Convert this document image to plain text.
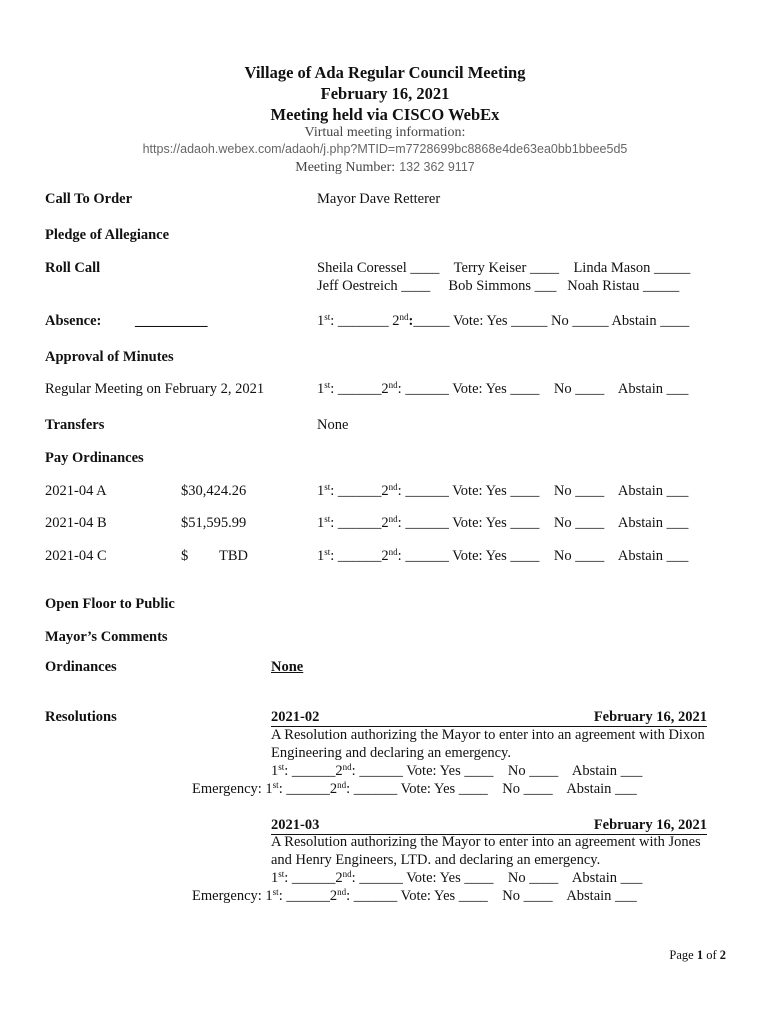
Village of Ada Regular Council Meeting
February 16, 2021
Meeting held via CISCO WebEx
Virtual meeting information:
https://adaoh.webex.com/adaoh/j.php?MTID=m7728699bc8868e4de63ea0bb1bbee5d5
Meeting Number: 132 362 9117
Call To Order	Mayor Dave Retterer
Pledge of Allegiance
Roll Call	Sheila Coressel ____    Terry Keiser ____    Linda Mason _____
Jeff Oestreich ____     Bob Simmons ___   Noah Ristau _____
Absence: __________	1st: _______ 2nd:_____ Vote: Yes _____ No _____ Abstain ____
Approval of Minutes
Regular Meeting on February 2, 2021	1st: ______2nd: ______ Vote: Yes ____    No ____    Abstain ___
Transfers	None
Pay Ordinances
2021-04 A	$30,424.26	1st: ______2nd: ______ Vote: Yes ____    No ____    Abstain ___
2021-04 B	$51,595.99	1st: ______2nd: ______ Vote: Yes ____    No ____    Abstain ___
2021-04 C	$ TBD	1st: ______2nd: ______ Vote: Yes ____    No ____    Abstain ___
Open Floor to Public
Mayor’s Comments
Ordinances	None
Resolutions	2021-02	February 16, 2021
A Resolution authorizing the Mayor to enter into an agreement with Dixon
Engineering and declaring an emergency.
1st: ______2nd: ______ Vote: Yes ____    No ____    Abstain ___
Emergency: 1st: ______2nd: ______ Vote: Yes ____    No ____    Abstain ___
2021-03	February 16, 2021
A Resolution authorizing the Mayor to enter into an agreement with Jones
and Henry Engineers, LTD. and declaring an emergency.
1st: ______2nd: ______ Vote: Yes ____    No ____    Abstain ___
Emergency: 1st: ______2nd: ______ Vote: Yes ____    No ____    Abstain ___
Page 1 of 2
